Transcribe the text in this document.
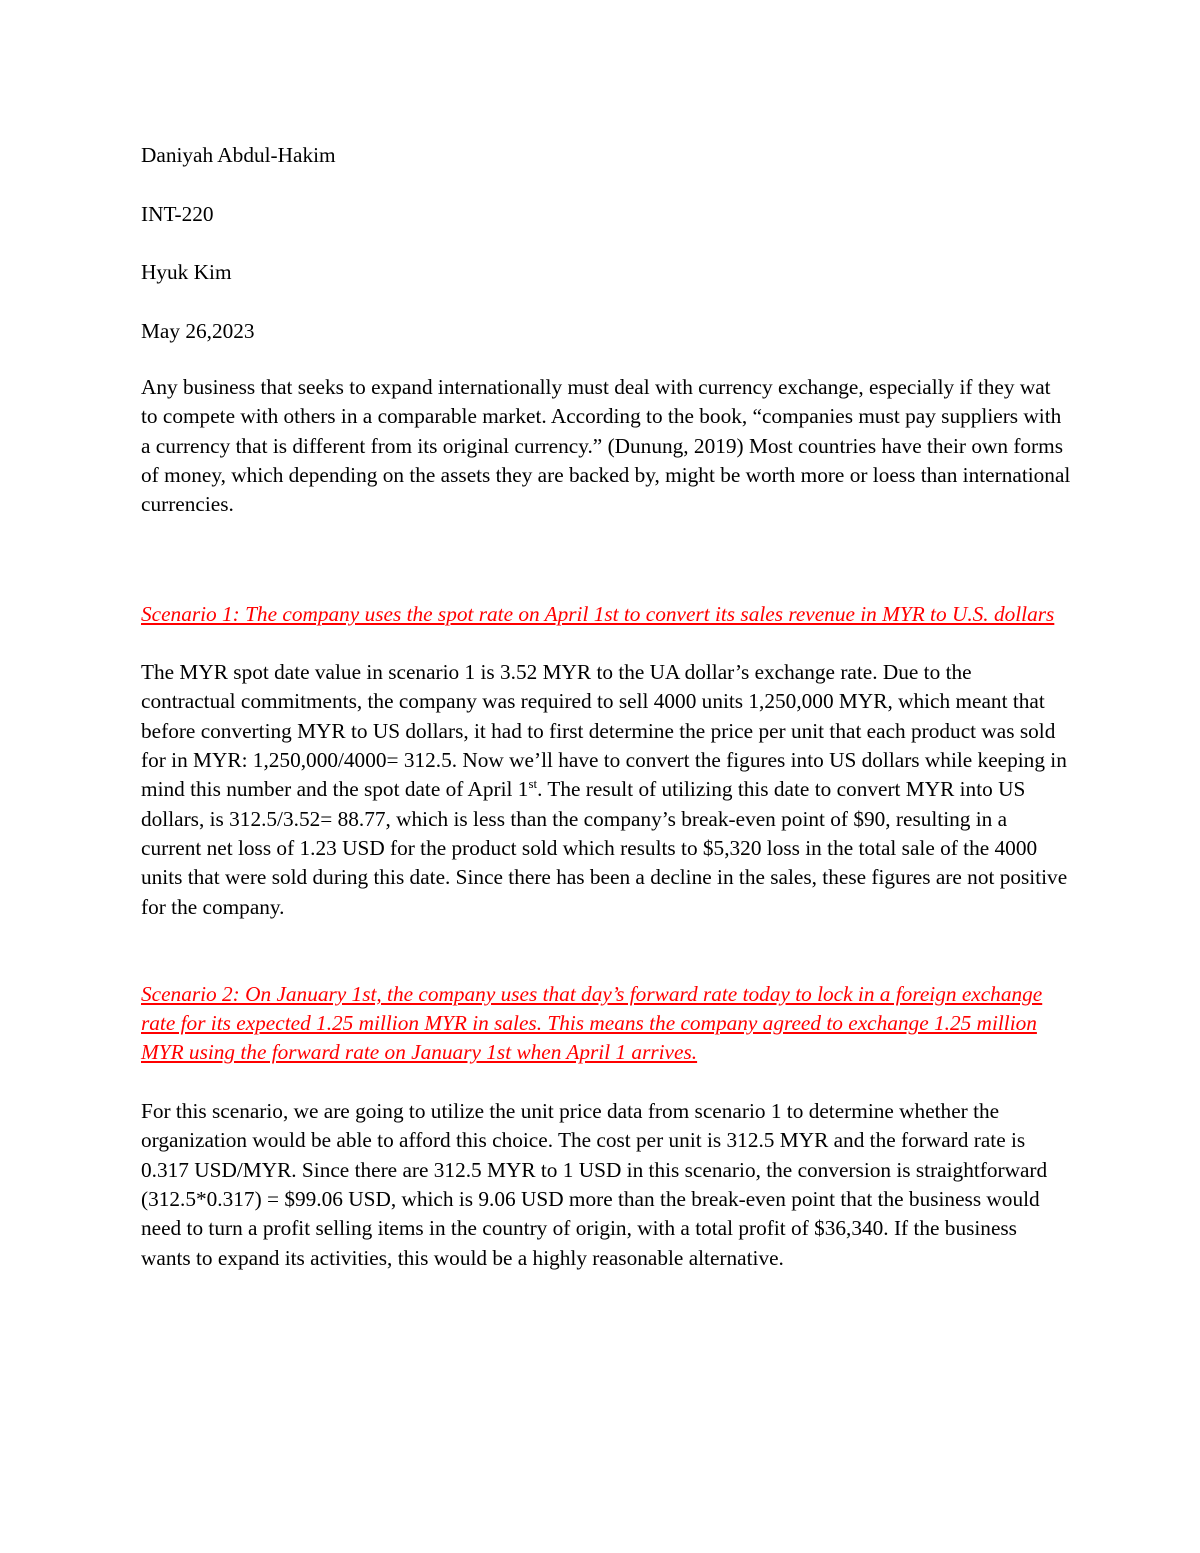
Daniyah Abdul-Hakim

INT-220

Hyuk Kim

May 26,2023

Any business that seeks to expand internationally must deal with currency exchange, especially if they wat to compete with others in a comparable market. According to the book, “companies must pay suppliers with a currency that is different from its original currency.” (Dunung, 2019) Most countries have their own forms of money, which depending on the assets they are backed by, might be worth more or loess than international currencies.

Scenario 1: The company uses the spot rate on April 1st to convert its sales revenue in MYR to U.S. dollars

The MYR spot date value in scenario 1 is 3.52 MYR to the UA dollar’s exchange rate. Due to the contractual commitments, the company was required to sell 4000 units 1,250,000 MYR, which meant that before converting MYR to US dollars, it had to first determine the price per unit that each product was sold for in MYR: 1,250,000/4000= 312.5. Now we’ll have to convert the figures into US dollars while keeping in mind this number and the spot date of April 1st. The result of utilizing this date to convert MYR into US dollars, is 312.5/3.52= 88.77, which is less than the company’s break-even point of $90, resulting in a current net loss of 1.23 USD for the product sold which results to $5,320 loss in the total sale of the 4000 units that were sold during this date. Since there has been a decline in the sales, these figures are not positive for the company.

Scenario 2: On January 1st, the company uses that day’s forward rate today to lock in a foreign exchange rate for its expected 1.25 million MYR in sales. This means the company agreed to exchange 1.25 million MYR using the forward rate on January 1st when April 1 arrives.

For this scenario, we are going to utilize the unit price data from scenario 1 to determine whether the organization would be able to afford this choice. The cost per unit is 312.5 MYR and the forward rate is 0.317 USD/MYR. Since there are 312.5 MYR to 1 USD in this scenario, the conversion is straightforward (312.5*0.317) = $99.06 USD, which is 9.06 USD more than the break-even point that the business would need to turn a profit selling items in the country of origin, with a total profit of $36,340. If the business wants to expand its activities, this would be a highly reasonable alternative.
